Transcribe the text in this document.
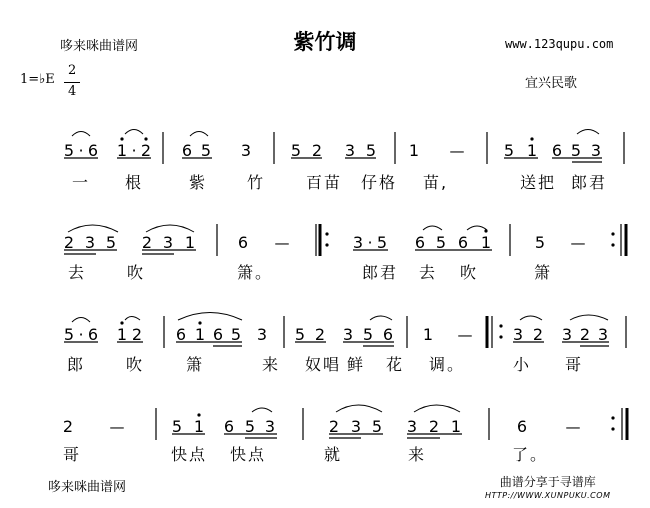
紫竹调
哆来咪曲谱网	www.123qupu.com
1=♭E
2
4
宜兴民歌
5 · 6 1 · 2 6 5 3 5 2 3 5 1 — 5 1 6 5 3
一 根	紫 竹	百苗 仔格 苗,	送把 郎君
2 3 5 2 3 1	6 —	3 · 5 6 5 6 1	5 —
去	吹	箫。	郎君 去 吹	箫
5 · 6 1 2 6 1 6 5 3 5 2 3 5 6 1 —	3 2 3 2 3
郎	吹	箫	来 奴唱 鲜 花 调。	小 哥
2 —	5 1 6 5 3	2 3 5 3 2 1	6	—
哥	快点 快点	就	来	了。
哆来咪曲谱网	曲谱分享于寻谱库
HTTP://WWW.XUNPUKU.COM
